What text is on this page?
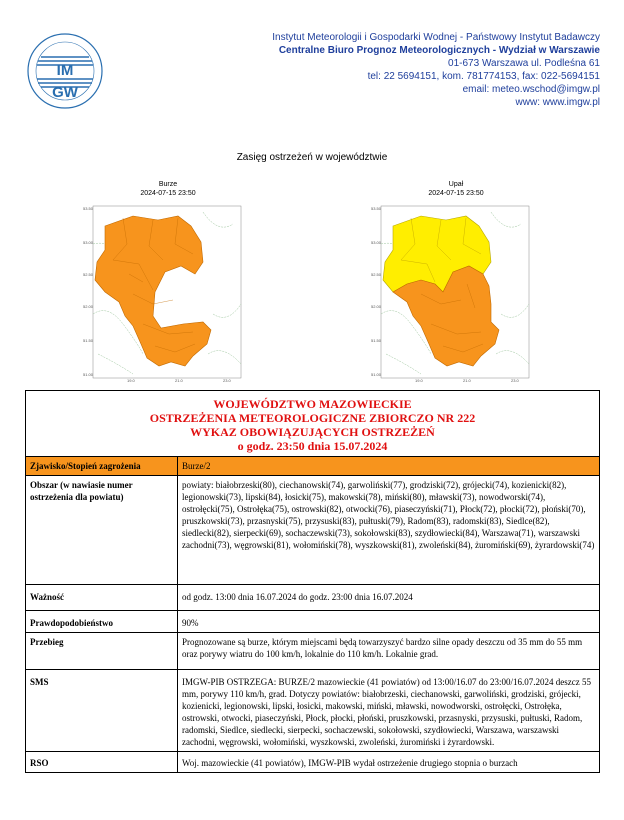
IM
GW
Instytut Meteorologii i Gospodarki Wodnej - Państwowy Instytut Badawczy
Centralne Biuro Prognoz Meteorologicznych - Wydział w Warszawie
01-673 Warszawa ul. Podleśna 61
tel: 22 5694151, kom. 781774153, fax: 022-5694151
email: meteo.wschod@imgw.pl
www: www.imgw.pl
Zasięg ostrzeżeń w województwie
Burze
2024-07-15 23:50
Upał
2024-07-15 23:50
53.50
53.00
52.50
52.00
51.50
51.00
19.0	21.0	23.0
53.50
53.00
52.50
52.00
51.50
51.00
19.0	21.0	23.0
WOJEWÓDZTWO MAZOWIECKIE
OSTRZEŻENIA METEOROLOGICZNE ZBIORCZO NR 222
WYKAZ OBOWIĄZUJĄCYCH OSTRZEŻEŃ
o godz. 23:50 dnia 15.07.2024	

Zjawisko/Stopień zagrożenia	Burze/2
Obszar (w nawiasie numer ostrzeżenia dla powiatu)	powiaty: białobrzeski(80), ciechanowski(74), garwoliński(77), grodziski(72), grójecki(74), kozienicki(82), legionowski(73), lipski(84), łosicki(75), makowski(78), miński(80), mławski(73), nowodworski(74), ostrołęcki(75), Ostrołęka(75), ostrowski(82), otwocki(76), piaseczyński(71), Płock(72), płocki(72), płoński(70), pruszkowski(73), przasnyski(75), przysuski(83), pułtuski(79), Radom(83), radomski(83), Siedlce(82), siedlecki(82), sierpecki(69), sochaczewski(73), sokołowski(83), szydłowiecki(84), Warszawa(71), warszawski zachodni(73), węgrowski(81), wołomiński(78), wyszkowski(81), zwoleński(84), żuromiński(69), żyrardowski(74)
Ważność	od godz. 13:00 dnia 16.07.2024 do godz. 23:00 dnia 16.07.2024
Prawdopodobieństwo	90%
Przebieg	Prognozowane są burze, którym miejscami będą towarzyszyć bardzo silne opady deszczu od 35 mm do 55 mm oraz porywy wiatru do 100 km/h, lokalnie do 110 km/h. Lokalnie grad.
SMS	IMGW-PIB OSTRZEGA: BURZE/2 mazowieckie (41 powiatów) od 13:00/16.07 do 23:00/16.07.2024 deszcz 55 mm, porywy 110 km/h, grad. Dotyczy powiatów: białobrzeski, ciechanowski, garwoliński, grodziski, grójecki, kozienicki, legionowski, lipski, łosicki, makowski, miński, mławski, nowodworski, ostrołęcki, Ostrołęka, ostrowski, otwocki, piaseczyński, Płock, płocki, płoński, pruszkowski, przasnyski, przysuski, pułtuski, Radom, radomski, Siedlce, siedlecki, sierpecki, sochaczewski, sokołowski, szydłowiecki, Warszawa, warszawski zachodni, węgrowski, wołomiński, wyszkowski, zwoleński, żuromiński i żyrardowski.
RSO	Woj. mazowieckie (41 powiatów), IMGW-PIB wydał ostrzeżenie drugiego stopnia o burzach
